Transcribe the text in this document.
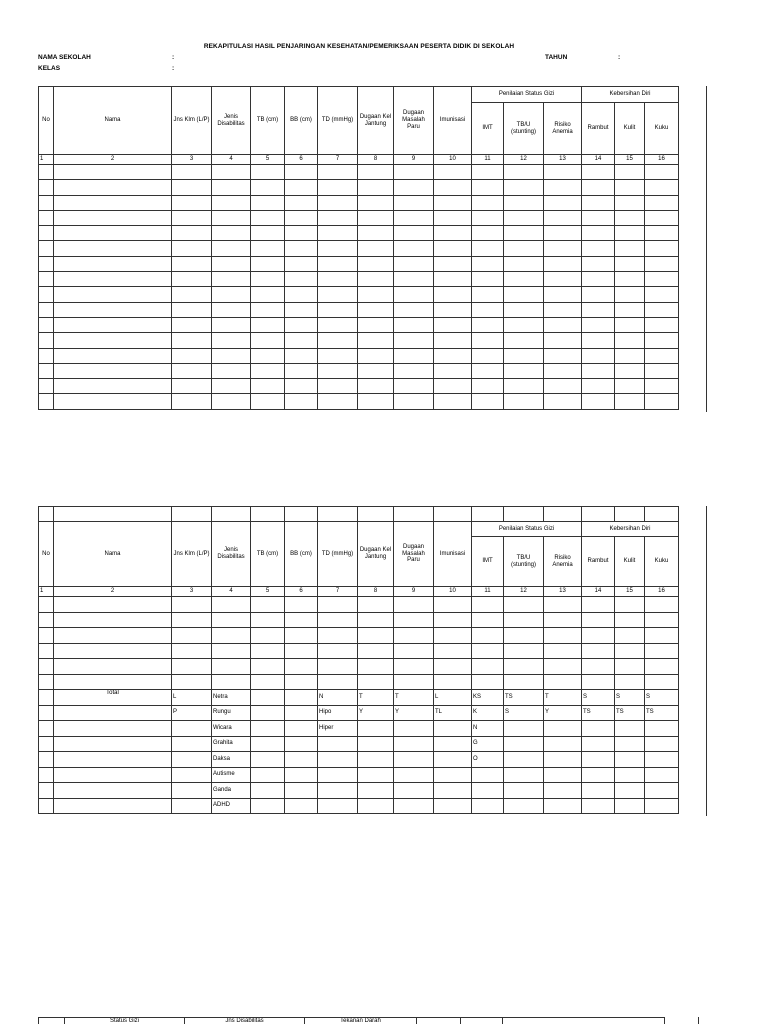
REKAPITULASI HASIL PENJARINGAN KESEHATAN/PEMERIKSAAN PESERTA DIDIK DI SEKOLAH
NAMA SEKOLAH	:	TAHUN	:
KELAS	:
No	Nama	Jns Klm (L/P)	Jenis Disabilitas	TB (cm)	BB (cm)	TD (mmHg)	Dugaan Kel Jantung	Dugaan Masalah Paru	Imunisasi	Penilaian Status Gizi			Kebersihan Diri		
										IMT	TB/U (stunting)	Risiko Anemia	Rambut	Kulit	Kuku
1	2	3	4	5	6	7	8	9	10	11	12	13	14	15	16

No	Nama	Jns Klm (L/P)	Jenis Disabilitas	TB (cm)	BB (cm)	TD (mmHg)	Dugaan Kel Jantung	Dugaan Masalah Paru	Imunisasi	Penilaian Status Gizi			Kebersihan Diri		
										IMT	TB/U (stunting)	Risiko Anemia	Rambut	Kulit	Kuku
1	2	3	4	5	6	7	8	9	10	11	12	13	14	15	16

	Total	L	Netra			N	T	T	L	KS	TS	T	S	S	S
		P	Rungu			Hipo	Y	Y	TL	K	S	Y	TS	TS	TS
			Wicara			Hiper				N					
			Grahita							G					
			Daksa							O					
			Autisme												
			Ganda												
			ADHD												
	Status Gizi	Jns Disabilitas	Tekanan Darah			
